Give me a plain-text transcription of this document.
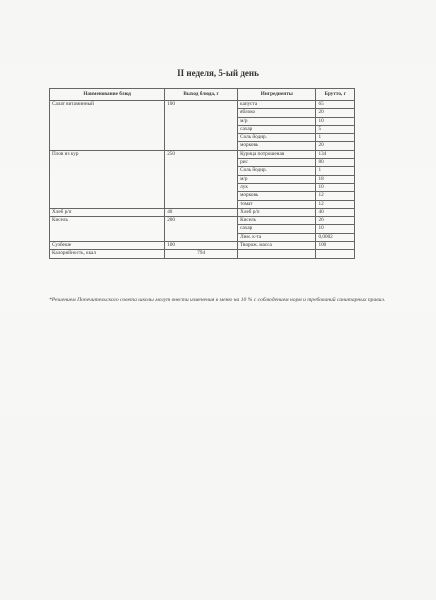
II неделя, 5-ый день
Наименование блюд	Выход блюда, г	Ингредиенты	Брутто, г
Салат витаминный	100	капуста	65
		яблоко	20
		м/р	10
		сахар	5
		Соль йодир.	1
		морковь	20
Плов из кур	250	Курица потрошеная	134
		рис	80
		Соль йодир.	1
		м/р	18
		лук	10
		морковь	12
		томат	12
Хлеб р/п	40	Хлеб р/п	40
Кисель	200	Кисель	26
		сахар	10
		Лим. к-та	0,0002
Сузбеше	100	Творож. масса	100
Калорийность, ккал	794		
*Решением Попечительского совета школы могут внести изменения в меню на 10 % с соблюдением норм и требований санитарных правил.
